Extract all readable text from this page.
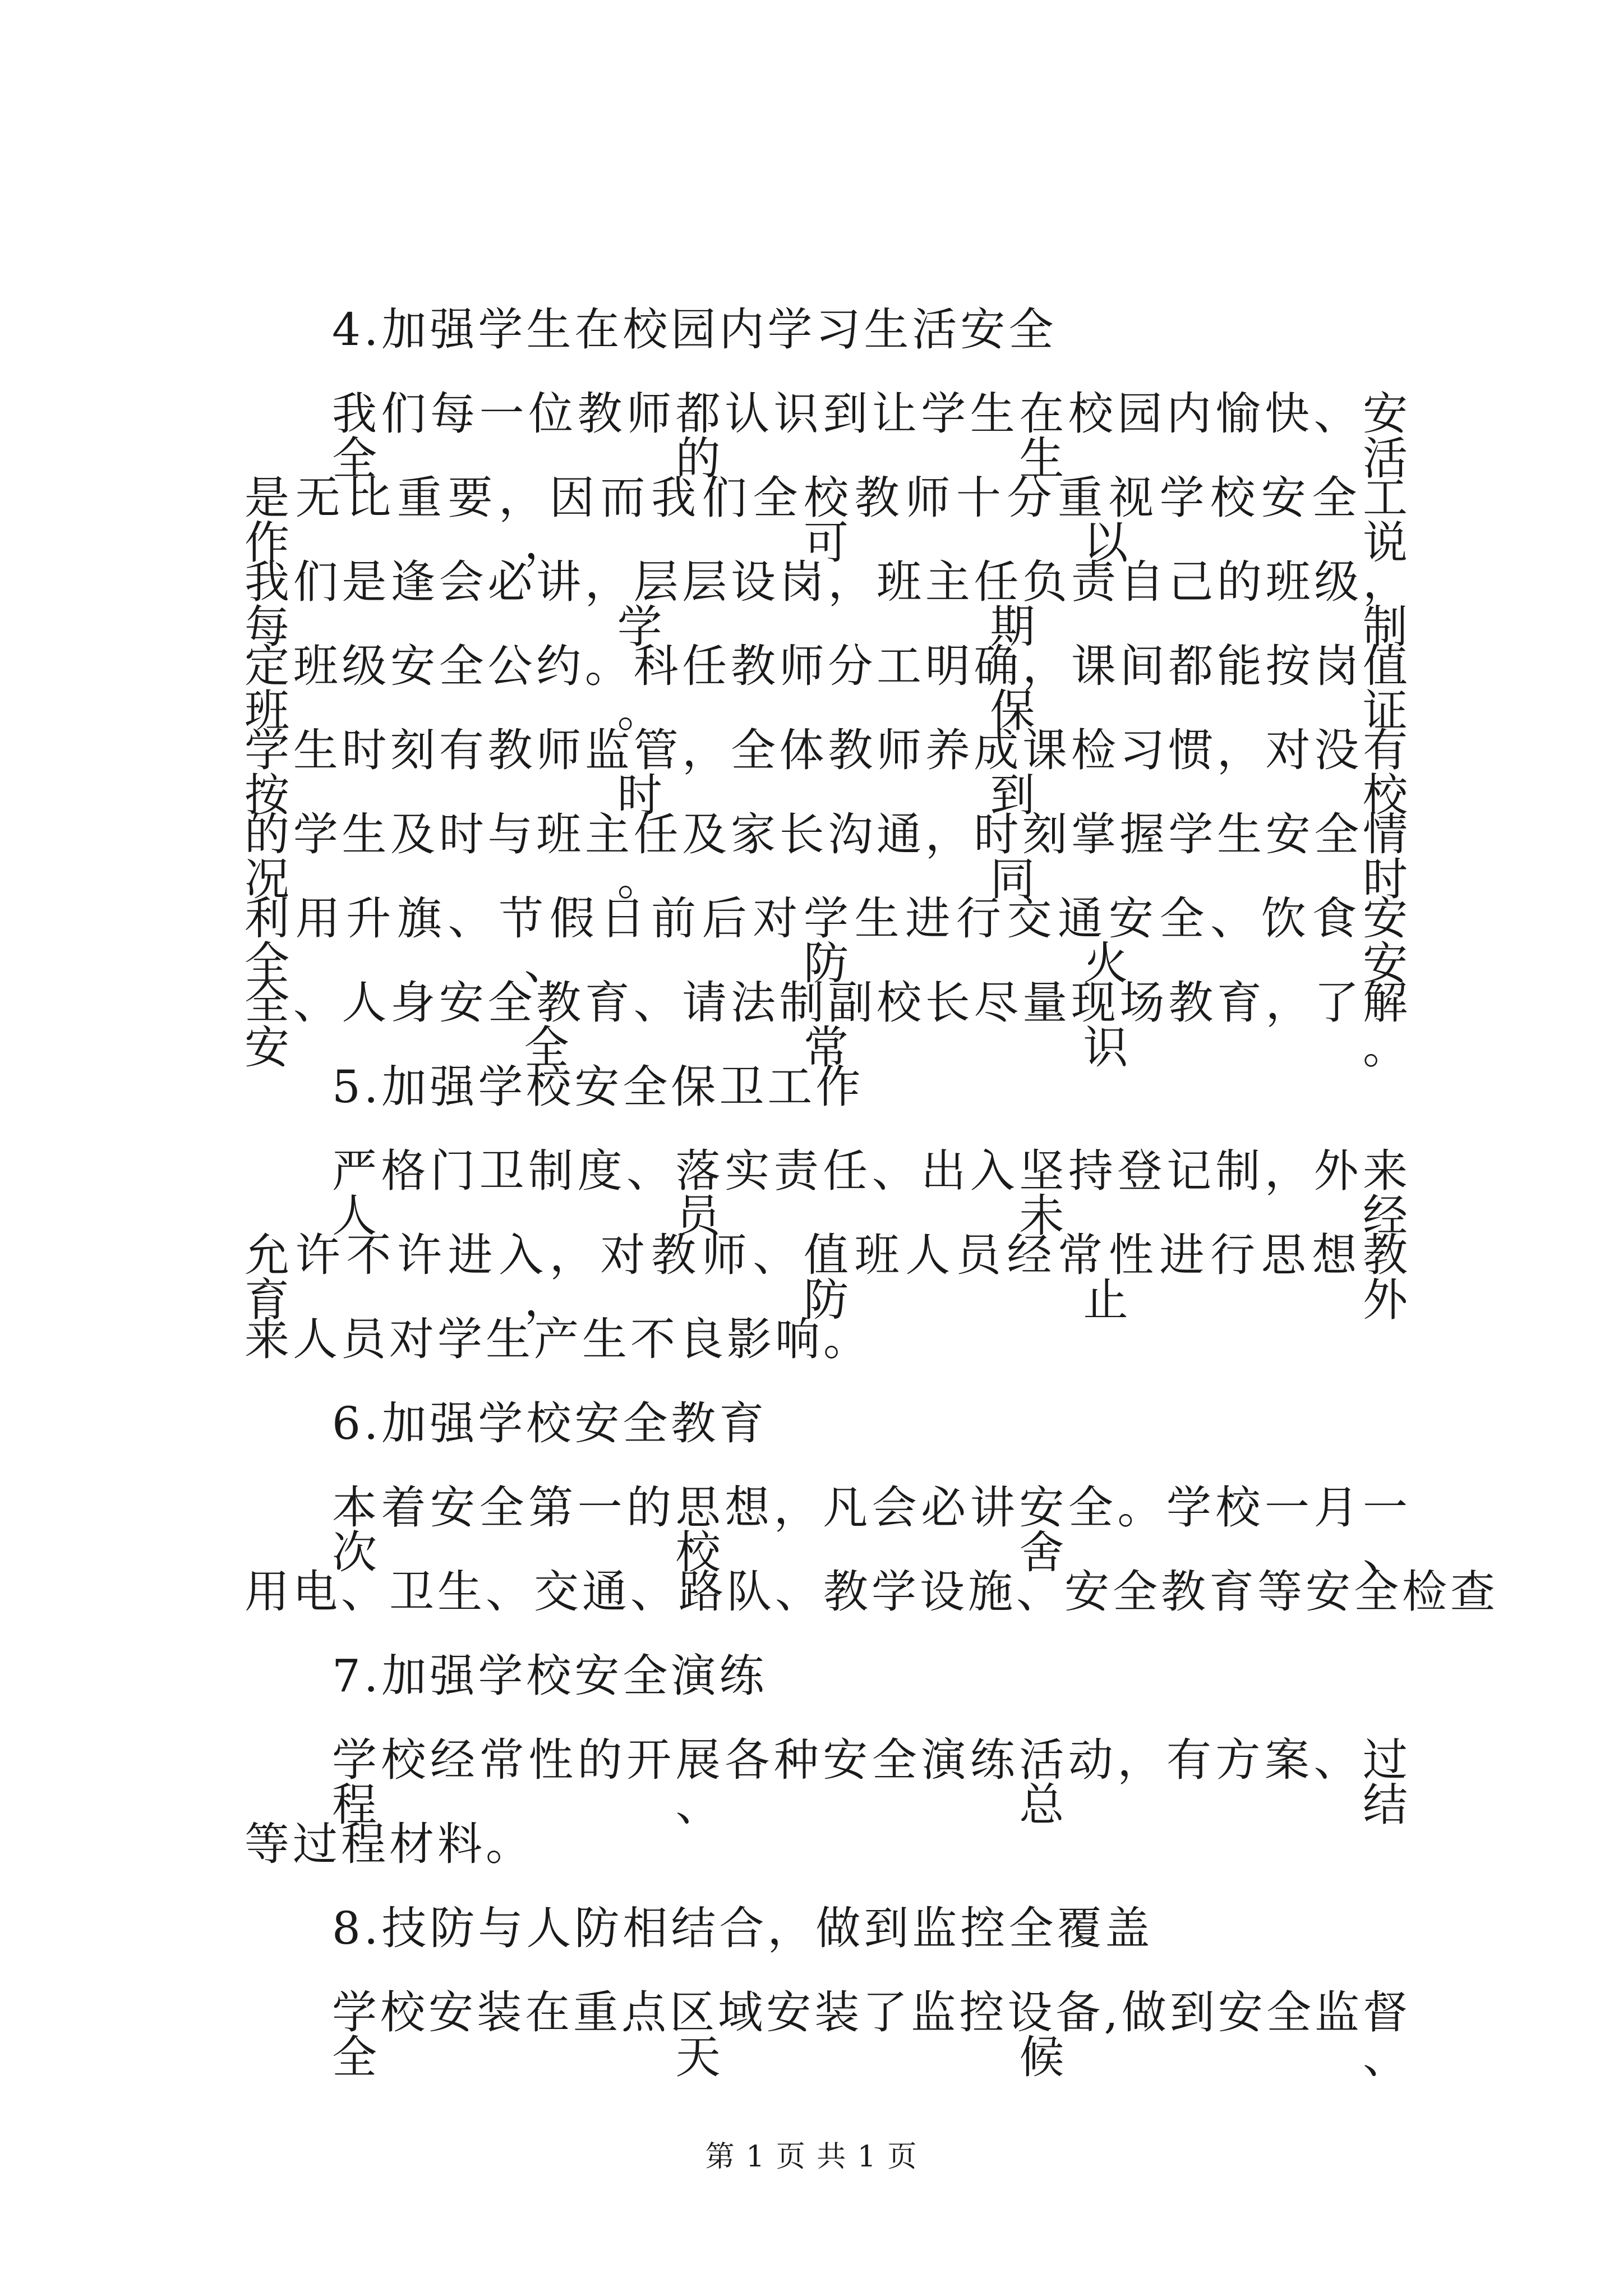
4.加强学生在校园内学习生活安全
我们每一位教师都认识到让学生在校园内愉快、安全的生活
是无比重要，因而我们全校教师十分重视学校安全工作，可以说
我们是逢会必讲，层层设岗，班主任负责自己的班级，每学期制
定班级安全公约。科任教师分工明确，课间都能按岗值班。保证
学生时刻有教师监管，全体教师养成课检习惯，对没有按时到校
的学生及时与班主任及家长沟通，时刻掌握学生安全情况。同时
利用升旗、节假日前后对学生进行交通安全、饮食安全、防火安
全、人身安全教育、请法制副校长尽量现场教育，了解安全常识。
5.加强学校安全保卫工作
严格门卫制度、落实责任、出入坚持登记制，外来人员未经
允许不许进入，对教师、值班人员经常性进行思想教育，防止外
来人员对学生产生不良影响。
6.加强学校安全教育
本着安全第一的思想，凡会必讲安全。学校一月一次校舍、
用电、卫生、交通、路队、教学设施、安全教育等安全检查
7.加强学校安全演练
学校经常性的开展各种安全演练活动，有方案、过程、总结
等过程材料。
8.技防与人防相结合，做到监控全覆盖
学校安装在重点区域安装了监控设备,做到安全监督全天候、
第 1 页 共 1 页
